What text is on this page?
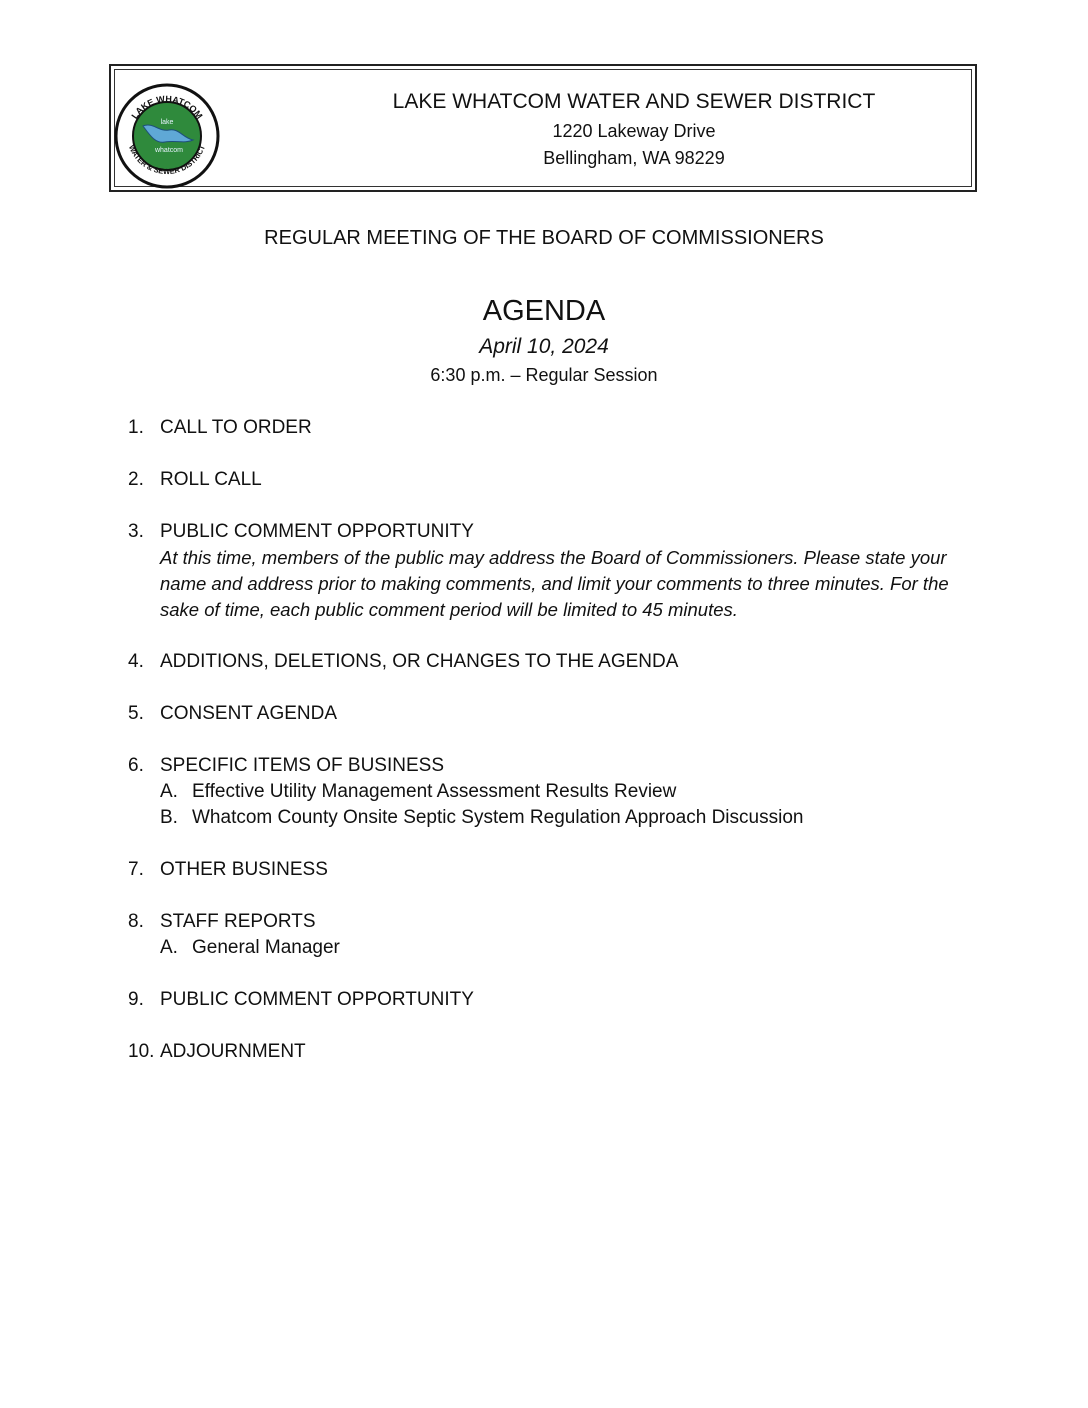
LAKE WHATCOM
WATER & SEWER DISTRICT
lake
whatcom
LAKE WHATCOM WATER AND SEWER DISTRICT
1220 Lakeway Drive
Bellingham, WA 98229
REGULAR MEETING OF THE BOARD OF COMMISSIONERS
AGENDA
April 10, 2024
6:30 p.m. – Regular Session
1. CALL TO ORDER
2. ROLL CALL
3. PUBLIC COMMENT OPPORTUNITY
At this time, members of the public may address the Board of Commissioners. Please state your name and address prior to making comments, and limit your comments to three minutes. For the sake of time, each public comment period will be limited to 45 minutes.
4. ADDITIONS, DELETIONS, OR CHANGES TO THE AGENDA
5. CONSENT AGENDA
6. SPECIFIC ITEMS OF BUSINESS
A. Effective Utility Management Assessment Results Review
B. Whatcom County Onsite Septic System Regulation Approach Discussion
7. OTHER BUSINESS
8. STAFF REPORTS
A. General Manager
9. PUBLIC COMMENT OPPORTUNITY
10. ADJOURNMENT
